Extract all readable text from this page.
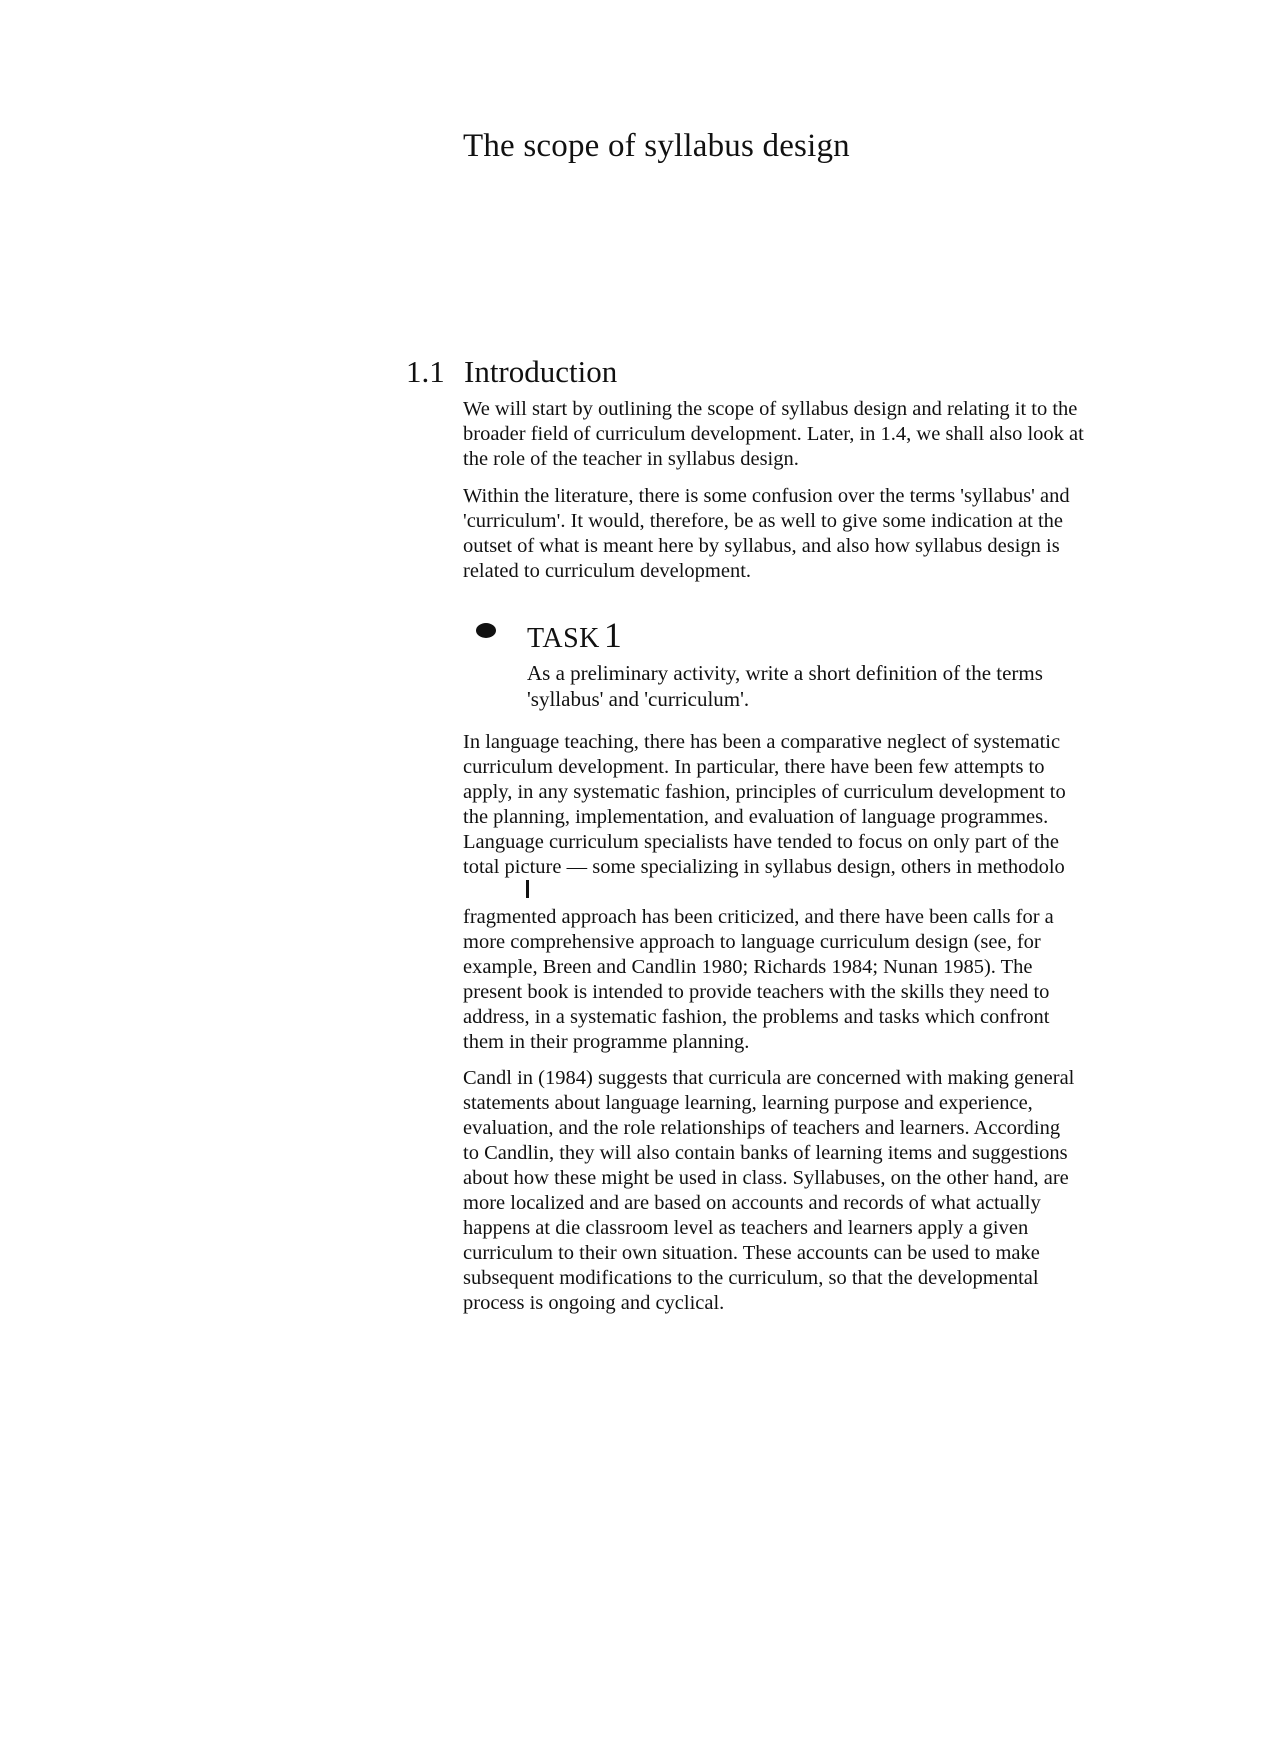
The scope of syllabus design
1.1 Introduction
We will start by outlining the scope of syllabus design and relating it to the
broader field of curriculum development. Later, in 1.4, we shall also look at
the role of the teacher in syllabus design.
Within the literature, there is some confusion over the terms 'syllabus' and
'curriculum'. It would, therefore, be as well to give some indication at the
outset of what is meant here by syllabus, and also how syllabus design is
related to curriculum development.
TASK 1
As a preliminary activity, write a short definition of the terms
'syllabus' and 'curriculum'.
In language teaching, there has been a comparative neglect of systematic
curriculum development. In particular, there have been few attempts to
apply, in any systematic fashion, principles of curriculum development to
the planning, implementation, and evaluation of language programmes.
Language curriculum specialists have tended to focus on only part of the
total picture — some specializing in syllabus design, others in methodolo
fragmented approach has been criticized, and there have been calls for a
more comprehensive approach to language curriculum design (see, for
example, Breen and Candlin 1980; Richards 1984; Nunan 1985). The
present book is intended to provide teachers with the skills they need to
address, in a systematic fashion, the problems and tasks which confront
them in their programme planning.
Candl in (1984) suggests that curricula are concerned with making general
statements about language learning, learning purpose and experience,
evaluation, and the role relationships of teachers and learners. According
to Candlin, they will also contain banks of learning items and suggestions
about how these might be used in class. Syllabuses, on the other hand, are
more localized and are based on accounts and records of what actually
happens at die classroom level as teachers and learners apply a given
curriculum to their own situation. These accounts can be used to make
subsequent modifications to the curriculum, so that the developmental
process is ongoing and cyclical.
